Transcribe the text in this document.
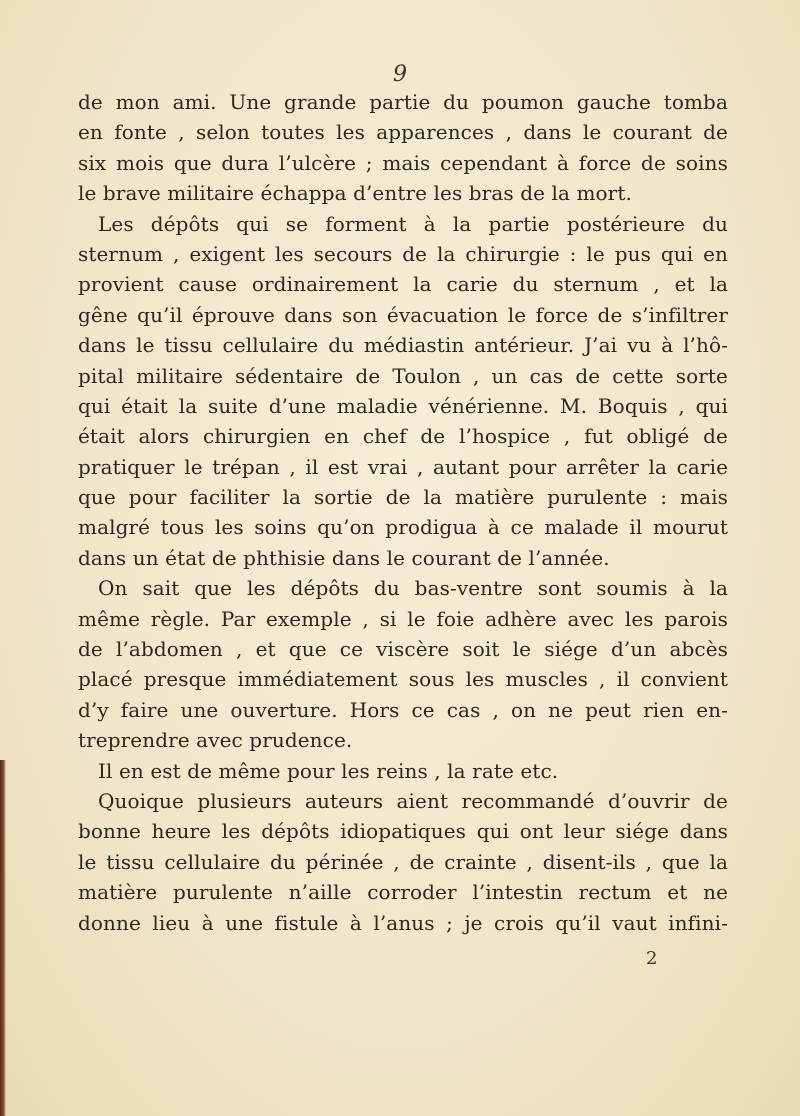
9
de mon ami. Une grande partie du poumon gauche tomba
en fonte , selon toutes les apparences , dans le courant de
six mois que dura l’ulcère ; mais cependant à force de soins
le brave militaire échappa d’entre les bras de la mort.
Les dépôts qui se forment à la partie postérieure du
sternum , exigent les secours de la chirurgie : le pus qui en
provient cause ordinairement la carie du sternum , et la
gêne qu’il éprouve dans son évacuation le force de s’infiltrer
dans le tissu cellulaire du médiastin antérieur. J’ai vu à l’hô-
pital militaire sédentaire de Toulon , un cas de cette sorte
qui était la suite d’une maladie vénérienne. M. Boquis , qui
était alors chirurgien en chef de l’hospice , fut obligé de
pratiquer le trépan , il est vrai , autant pour arrêter la carie
que pour faciliter la sortie de la matière purulente : mais
malgré tous les soins qu’on prodigua à ce malade il mourut
dans un état de phthisie dans le courant de l’année.
On sait que les dépôts du bas-ventre sont soumis à la
même règle. Par exemple , si le foie adhère avec les parois
de l’abdomen , et que ce viscère soit le siége d’un abcès
placé presque immédiatement sous les muscles , il convient
d’y faire une ouverture. Hors ce cas , on ne peut rien en-
treprendre avec prudence.
Il en est de même pour les reins , la rate etc.
Quoique plusieurs auteurs aient recommandé d’ouvrir de
bonne heure les dépôts idiopatiques qui ont leur siége dans
le tissu cellulaire du périnée , de crainte , disent-ils , que la
matière purulente n’aille corroder l’intestin rectum et ne
donne lieu à une fistule à l’anus ; je crois qu’il vaut infini-
2
